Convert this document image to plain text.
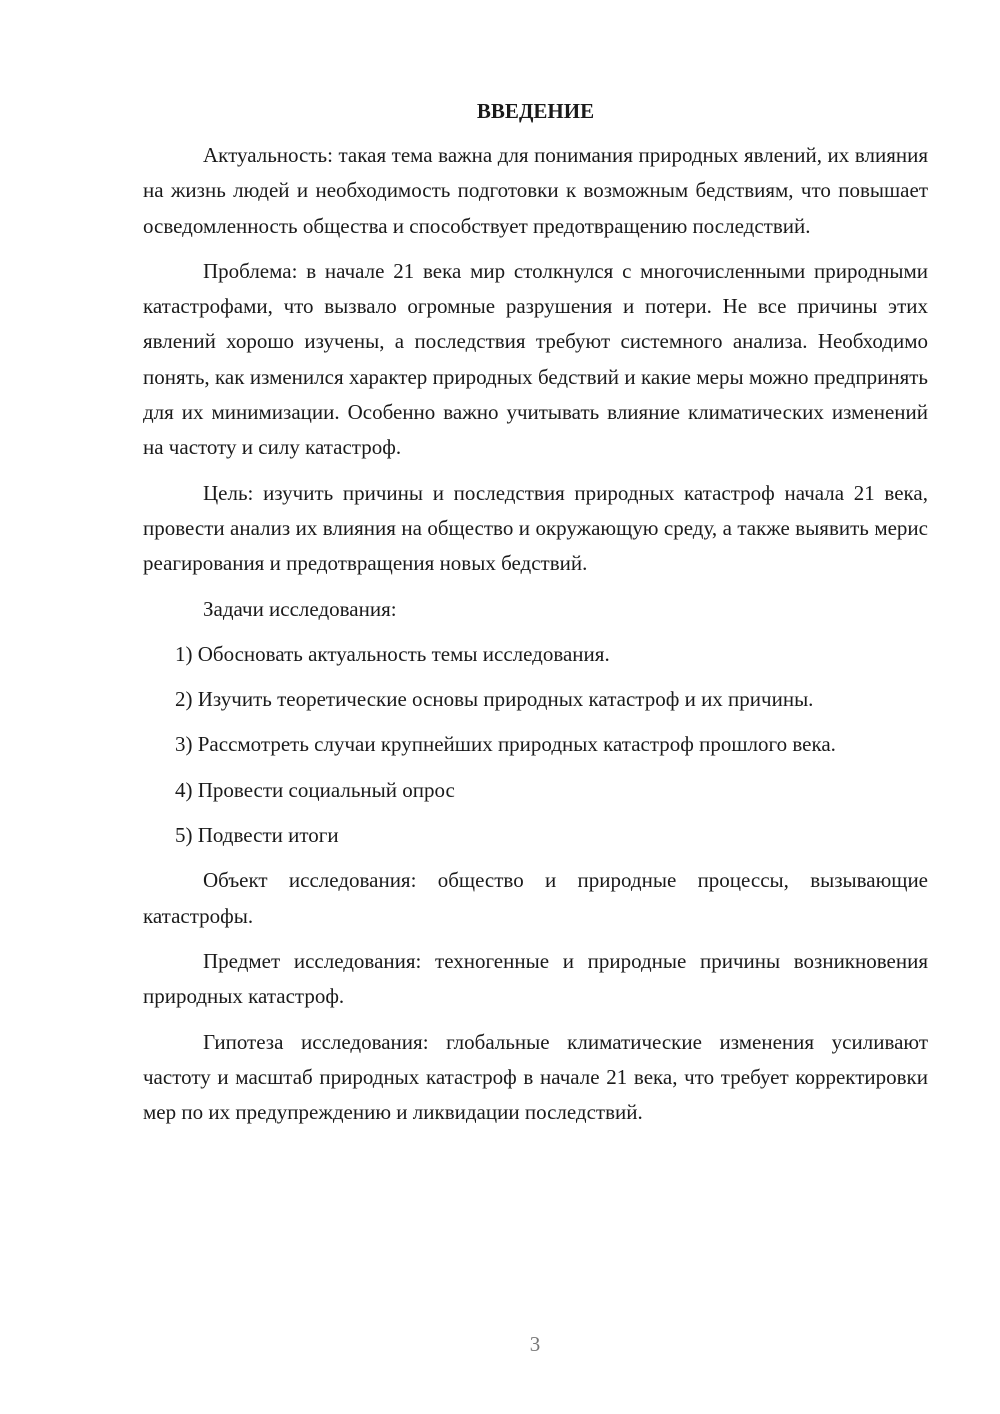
ВВЕДЕНИЕ

Актуальность: такая тема важна для понимания природных явлений, их влияния на жизнь людей и необходимость подготовки к возможным бедствиям, что повышает осведомленность общества и способствует предотвращению последствий.

Проблема: в начале 21 века мир столкнулся с многочисленными природными катастрофами, что вызвало огромные разрушения и потери. Не все причины этих явлений хорошо изучены, а последствия требуют системного анализа. Необходимо понять, как изменился характер природных бедствий и какие меры можно предпринять для их минимизации. Особенно важно учитывать влияние климатических изменений на частоту и силу катастроф.

Цель: изучить причины и последствия природных катастроф начала 21 века, провести анализ их влияния на общество и окружающую среду, а также выявить мерис реагирования и предотвращения новых бедствий.

Задачи исследования:

1) Обосновать актуальность темы исследования.

2) Изучить теоретические основы природных катастроф и их причины.

3) Рассмотреть случаи крупнейших природных катастроф прошлого века.

4) Провести социальный опрос

5) Подвести итоги

Объект исследования: общество и природные процессы, вызывающие катастрофы.

Предмет исследования: техногенные и природные причины возникновения природных катастроф.

Гипотеза исследования: глобальные климатические изменения усиливают частоту и масштаб природных катастроф в начале 21 века, что требует корректировки мер по их предупреждению и ликвидации последствий.

3
